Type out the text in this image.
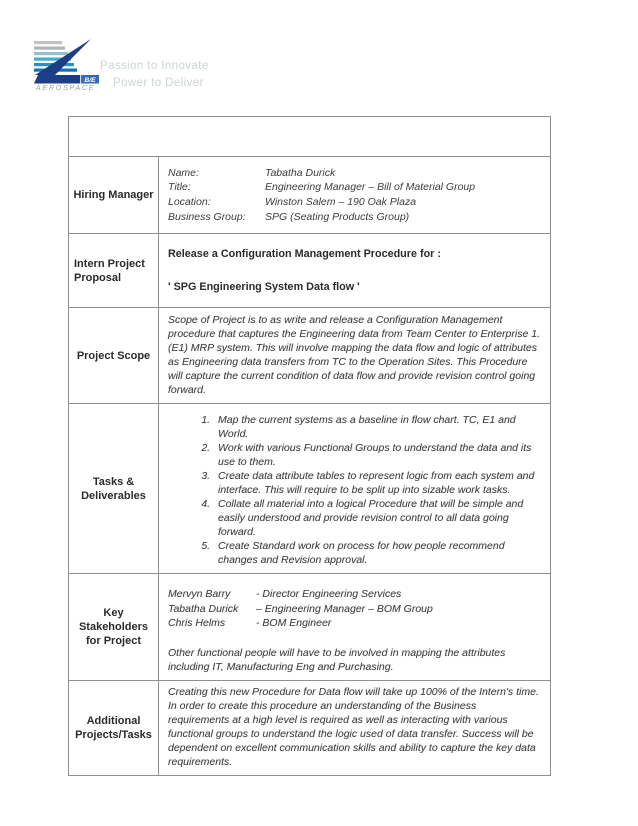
B/E
AEROSPACE
Passion to Innovate
Power to Deliver
Hiring Manager
Name:	Tabatha Durick
Title:	Engineering Manager – Bill of Material Group
Location:	Winston Salem – 190 Oak Plaza
Business Group: SPG (Seating Products Group)
Intern Project Proposal
Release a Configuration Management Procedure for :
' SPG Engineering System Data flow '
Project Scope
Scope of Project is to as write and release a Configuration Management procedure that captures the Engineering data from Team Center to Enterprise 1. (E1) MRP system. This will involve mapping the data flow and logic of attributes as Engineering data transfers from TC to the Operation Sites. This Procedure will capture the current condition of data flow and provide revision control going forward.
Tasks & Deliverables
1. Map the current systems as a baseline in flow chart. TC, E1 and World.
2. Work with various Functional Groups to understand the data and its use to them.
3. Create data attribute tables to represent logic from each system and interface. This will require to be split up into sizable work tasks.
4. Collate all material into a logical Procedure that will be simple and easily understood and provide revision control to all data going forward.
5. Create Standard work on process for how people recommend changes and Revision approval.
Key Stakeholders for Project
Mervyn Barry - Director Engineering Services
Tabatha Durick – Engineering Manager – BOM Group
Chris Helms	- BOM Engineer
Other functional people will have to be involved in mapping the attributes including IT, Manufacturing Eng and Purchasing.
Additional Projects/Tasks
Creating this new Procedure for Data flow will take up 100% of the Intern's time. In order to create this procedure an understanding of the Business requirements at a high level is required as well as interacting with various functional groups to understand the logic used of data transfer. Success will be dependent on excellent communication skills and ability to capture the key data requirements.
